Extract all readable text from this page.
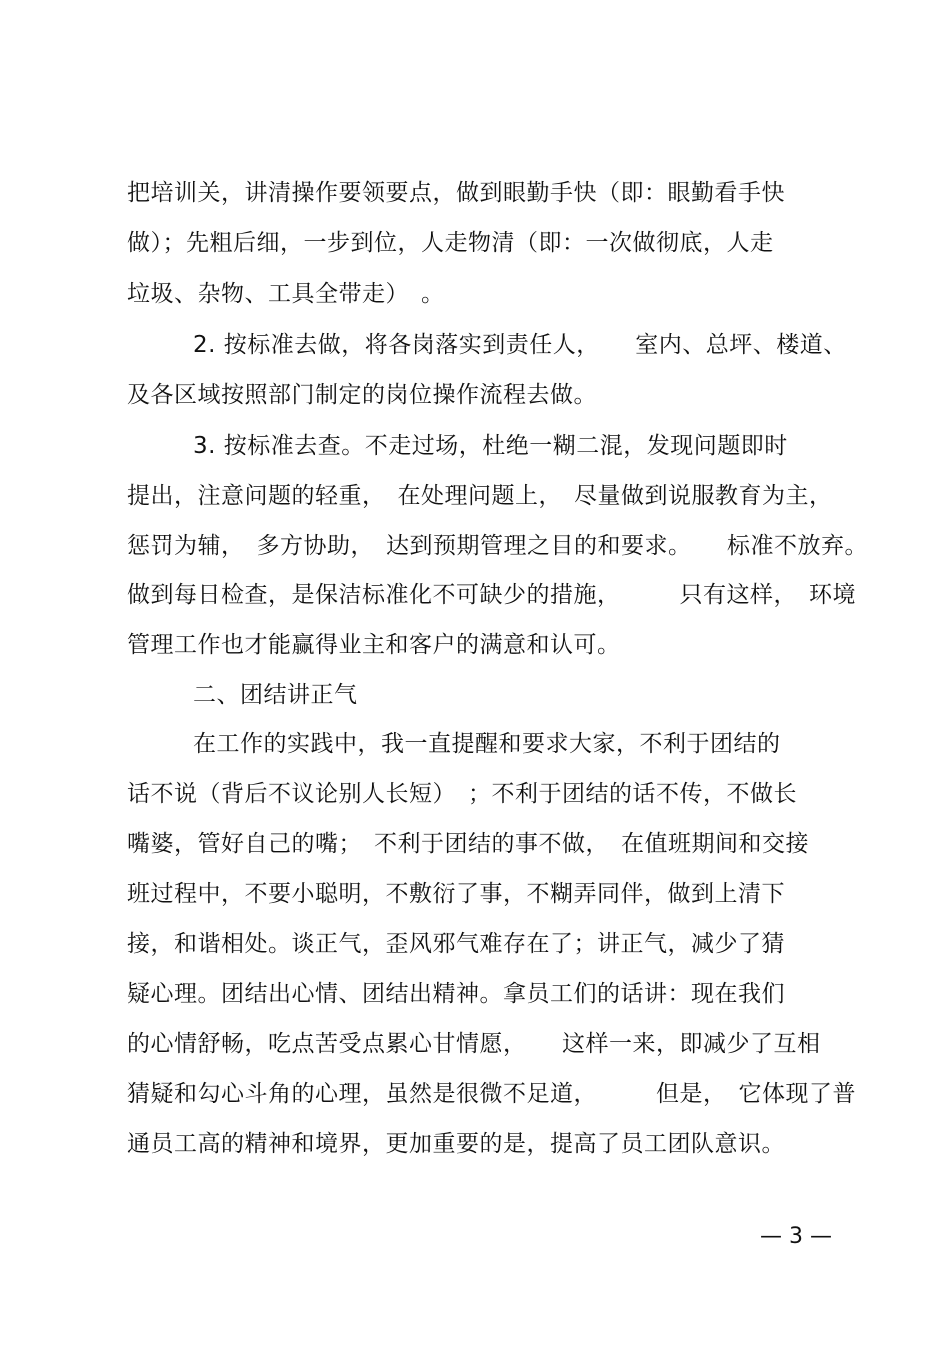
把培训关，讲清操作要领要点，做到眼勤手快（即：眼勤看手快
做）；先粗后细，一步到位，人走物清（即：一次做彻底，人走
垃圾、杂物、工具全带走）　。
2. 按标准去做，将各岗落实到责任人，　　室内、总坪、楼道、
及各区域按照部门制定的岗位操作流程去做。
3. 按标准去查。不走过场，杜绝一糊二混，发现问题即时
提出，注意问题的轻重，　在处理问题上，　尽量做到说服教育为主，
惩罚为辅，　多方协助，　达到预期管理之目的和要求。　　标准不放弃。
做到每日检查，是保洁标准化不可缺少的措施，　　　只有这样，　环境
管理工作也才能赢得业主和客户的满意和认可。
二、团结讲正气
在工作的实践中，我一直提醒和要求大家，不利于团结的
话不说（背后不议论别人长短）　；不利于团结的话不传，不做长
嘴婆，管好自己的嘴；　不利于团结的事不做，　在值班期间和交接
班过程中，不要小聪明，不敷衍了事，不糊弄同伴，做到上清下
接，和谐相处。谈正气，歪风邪气难存在了；讲正气，减少了猜
疑心理。团结出心情、团结出精神。拿员工们的话讲：现在我们
的心情舒畅，吃点苦受点累心甘情愿，　　这样一来，即减少了互相
猜疑和勾心斗角的心理，虽然是很微不足道，　　　但是，　它体现了普
通员工高的精神和境界，更加重要的是，提高了员工团队意识。
— 3 —
